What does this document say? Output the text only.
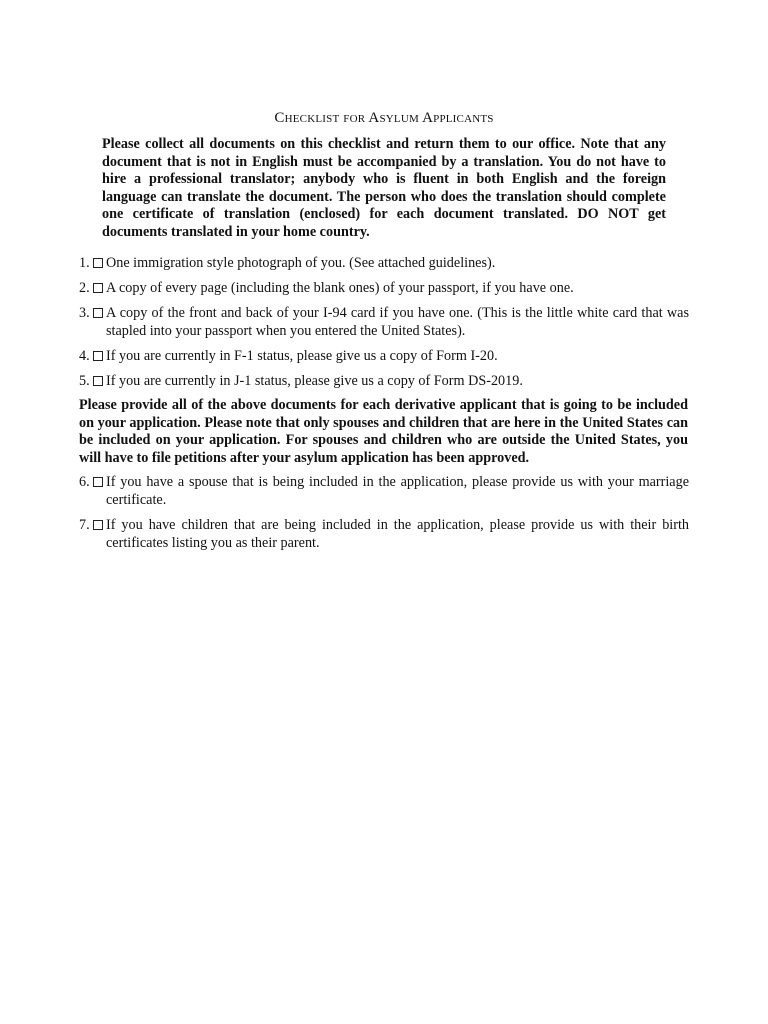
Checklist for Asylum Applicants

Please collect all documents on this checklist and return them to our office. Note that any document that is not in English must be accompanied by a translation. You do not have to hire a professional translator; anybody who is fluent in both English and the foreign language can translate the document. The person who does the translation should complete one certificate of translation (enclosed) for each document translated. DO NOT get documents translated in your home country.

1. One immigration style photograph of you. (See attached guidelines).
2. A copy of every page (including the blank ones) of your passport, if you have one.
3. A copy of the front and back of your I-94 card if you have one. (This is the little white card that was stapled into your passport when you entered the United States).
4. If you are currently in F-1 status, please give us a copy of Form I-20.
5. If you are currently in J-1 status, please give us a copy of Form DS-2019.

Please provide all of the above documents for each derivative applicant that is going to be included on your application. Please note that only spouses and children that are here in the United States can be included on your application. For spouses and children who are outside the United States, you will have to file petitions after your asylum application has been approved.

6. If you have a spouse that is being included in the application, please provide us with your marriage certificate.
7. If you have children that are being included in the application, please provide us with their birth certificates listing you as their parent.
